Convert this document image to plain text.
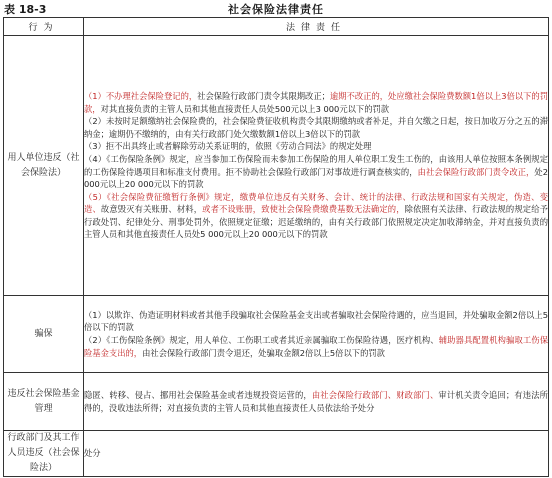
表 18-3	社会保险法律责任
行为	法律责任
用人单位违反（社会保险法）	（1）不办理社会保险登记的，社会保险行政部门责令其限期改正；逾期不改正的，处应缴社会保险费数额1倍以上3倍以下的罚款，对其直接负责的主管人员和其他直接责任人员处500元以上3 000元以下的罚款

（2）未按时足额缴纳社会保险费的，社会保险费征收机构责令其限期缴纳或者补足，并自欠缴之日起，按日加收万分之五的滞纳金；逾期仍不缴纳的，由有关行政部门处欠缴数额1倍以上3倍以下的罚款

（3）拒不出具终止或者解除劳动关系证明的，依照《劳动合同法》的规定处理

（4）《工伤保险条例》规定，应当参加工伤保险而未参加工伤保险的用人单位职工发生工伤的，由该用人单位按照本条例规定的工伤保险待遇项目和标准支付费用。拒不协助社会保险行政部门对事故进行调查核实的，由社会保险行政部门责令改正，处2 000元以上20 000元以下的罚款

（5）《社会保险费征缴暂行条例》规定，缴费单位违反有关财务、会计、统计的法律、行政法规和国家有关规定，伪造、变造、故意毁灭有关账册、材料，或者不设账册，致使社会保险费缴费基数无法确定的，除依照有关法律、行政法规的规定给予行政处罚、纪律处分、刑事处罚外，依照规定征缴；迟延缴纳的，由有关行政部门依照规定决定加收滞纳金，并对直接负责的主管人员和其他直接责任人员处5 000元以上20 000元以下的罚款

骗保	（1）以欺诈、伪造证明材料或者其他手段骗取社会保险基金支出或者骗取社会保险待遇的，应当退回，并处骗取金额2倍以上5倍以下的罚款

（2）《工伤保险条例》规定，用人单位、工伤职工或者其近亲属骗取工伤保险待遇，医疗机构、辅助器具配置机构骗取工伤保险基金支出的，由社会保险行政部门责令退还，处骗取金额2倍以上5倍以下的罚款

违反社会保险基金管理	隐匿、转移、侵占、挪用社会保险基金或者违规投资运营的，由社会保险行政部门、财政部门、审计机关责令追回；有违法所得的，没收违法所得；对直接负责的主管人员和其他直接责任人员依法给予处分

行政部门及其工作人员违反（社会保险法）	处分
